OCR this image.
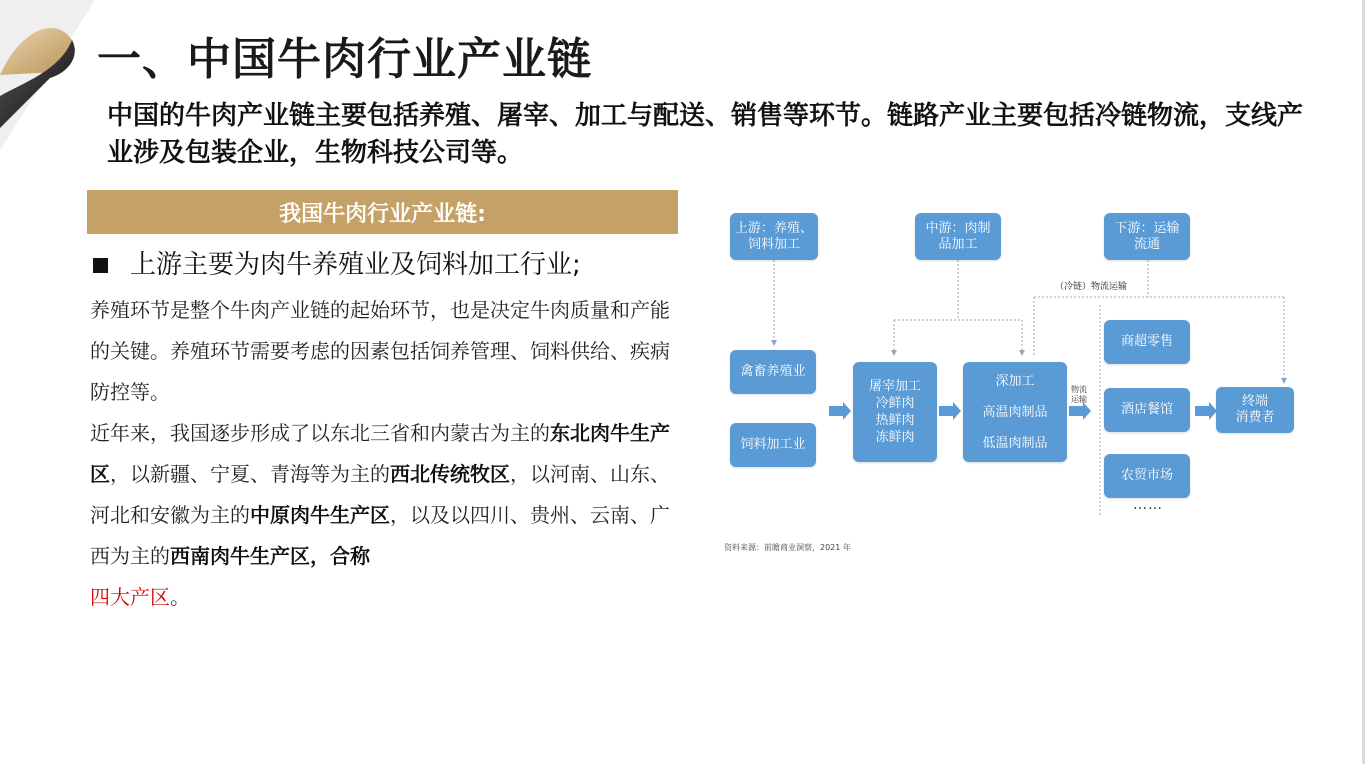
一、中国牛肉行业产业链

中国的牛肉产业链主要包括养殖、屠宰、加工与配送、销售等环节。链路产业主要包括冷链物流，支线产业涉及包装企业，生物科技公司等。

我国牛肉行业产业链:
上游主要为肉牛养殖业及饲料加工行业;
养殖环节是整个牛肉产业链的起始环节，也是决定牛肉质量和产能的关键。养殖环节需要考虑的因素包括饲养管理、饲料供给、疾病防控等。
近年来，我国逐步形成了以东北三省和内蒙古为主的东北肉牛生产区，以新疆、宁夏、青海等为主的西北传统牧区，以河南、山东、河北和安徽为主的中原肉牛生产区，以及以四川、贵州、云南、广西为主的西南肉牛生产区，合称
四大产区。
上游：养殖、
饲料加工
中游：肉制
品加工
下游：运输
流通
禽畜养殖业
饲料加工业
屠宰加工
冷鲜肉
热鲜肉
冻鲜肉
深加工
高温肉制品
低温肉制品
（冷链）物流运输
物流
运输
商超零售
酒店餐馆
农贸市场
……
终端
消费者
资料来源：前瞻商业洞察，2021 年
